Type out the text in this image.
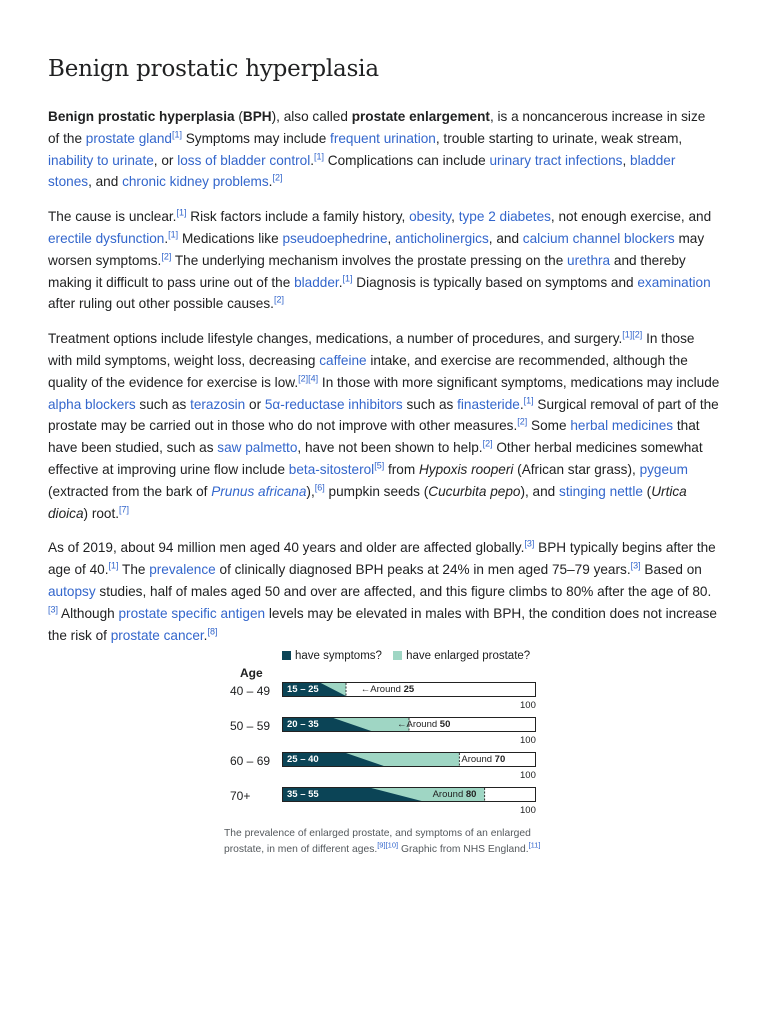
Benign prostatic hyperplasia

Benign prostatic hyperplasia (BPH), also called prostate enlargement, is a noncancerous increase in size of the prostate gland[1] Symptoms may include frequent urination, trouble starting to urinate, weak stream, inability to urinate, or loss of bladder control.[1] Complications can include urinary tract infections, bladder stones, and chronic kidney problems.[2]

The cause is unclear.[1] Risk factors include a family history, obesity, type 2 diabetes, not enough exercise, and erectile dysfunction.[1] Medications like pseudoephedrine, anticholinergics, and calcium channel blockers may worsen symptoms.[2] The underlying mechanism involves the prostate pressing on the urethra and thereby making it difficult to pass urine out of the bladder.[1] Diagnosis is typically based on symptoms and examination after ruling out other possible causes.[2]

Treatment options include lifestyle changes, medications, a number of procedures, and surgery.[1][2] In those with mild symptoms, weight loss, decreasing caffeine intake, and exercise are recommended, although the quality of the evidence for exercise is low.[2][4] In those with more significant symptoms, medications may include alpha blockers such as terazosin or 5α-reductase inhibitors such as finasteride.[1] Surgical removal of part of the prostate may be carried out in those who do not improve with other measures.[2] Some herbal medicines that have been studied, such as saw palmetto, have not been shown to help.[2] Other herbal medicines somewhat effective at improving urine flow include beta-sitosterol[5] from Hypoxis rooperi (African star grass), pygeum (extracted from the bark of Prunus africana),[6] pumpkin seeds (Cucurbita pepo), and stinging nettle (Urtica dioica) root.[7]

As of 2019, about 94 million men aged 40 years and older are affected globally.[3] BPH typically begins after the age of 40.[1] The prevalence of clinically diagnosed BPH peaks at 24% in men aged 75–79 years.[3] Based on autopsy studies, half of males aged 50 and over are affected, and this figure climbs to 80% after the age of 80.[3] Although prostate specific antigen levels may be elevated in males with BPH, the condition does not increase the risk of prostate cancer.[8]

have symptoms? have enlarged prostate?
Age
40 – 49 15 – 25	←Around 25
100
50 – 59 20 – 35	←Around 50
100
60 – 69 25 – 40	Around 70
100
70+	35 – 55	Around 80
100
The prevalence of enlarged prostate, and symptoms of an enlarged prostate, in men of different ages.[9][10] Graphic from NHS England.[11]
